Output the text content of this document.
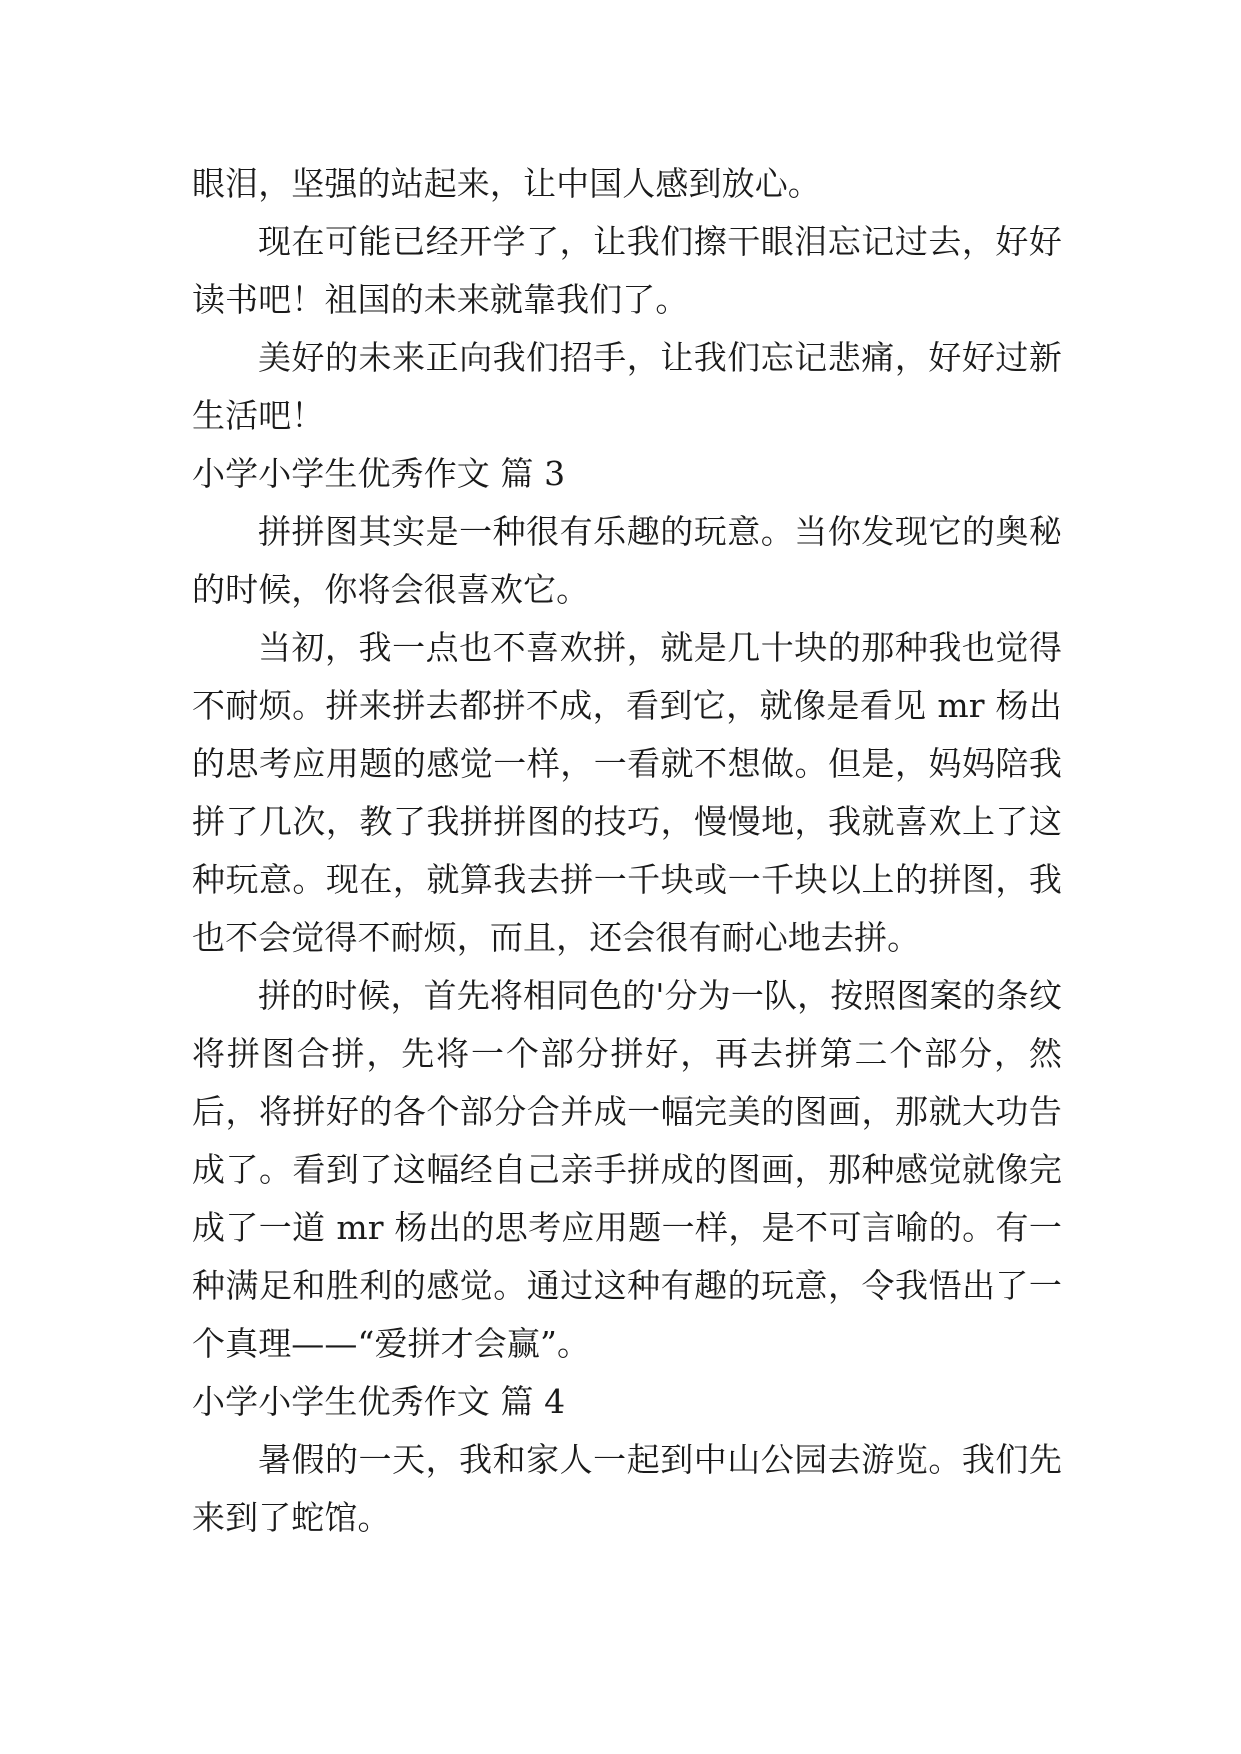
眼泪，坚强的站起来，让中国人感到放心。

现在可能已经开学了，让我们擦干眼泪忘记过去，好好读书吧！祖国的未来就靠我们了。

美好的未来正向我们招手，让我们忘记悲痛，好好过新生活吧！

小学小学生优秀作文 篇 3

拼拼图其实是一种很有乐趣的玩意。当你发现它的奥秘的时候，你将会很喜欢它。

当初，我一点也不喜欢拼，就是几十块的那种我也觉得不耐烦。拼来拼去都拼不成，看到它，就像是看见 mr 杨出的思考应用题的感觉一样，一看就不想做。但是，妈妈陪我拼了几次，教了我拼拼图的技巧，慢慢地，我就喜欢上了这种玩意。现在，就算我去拼一千块或一千块以上的拼图，我也不会觉得不耐烦，而且，还会很有耐心地去拼。

拼的时候，首先将相同色的'分为一队，按照图案的条纹将拼图合拼，先将一个部分拼好，再去拼第二个部分，然后，将拼好的各个部分合并成一幅完美的图画，那就大功告成了。看到了这幅经自己亲手拼成的图画，那种感觉就像完成了一道 mr 杨出的思考应用题一样，是不可言喻的。有一种满足和胜利的感觉。通过这种有趣的玩意，令我悟出了一个真理——“爱拼才会赢”。

小学小学生优秀作文 篇 4

暑假的一天，我和家人一起到中山公园去游览。我们先来到了蛇馆。
